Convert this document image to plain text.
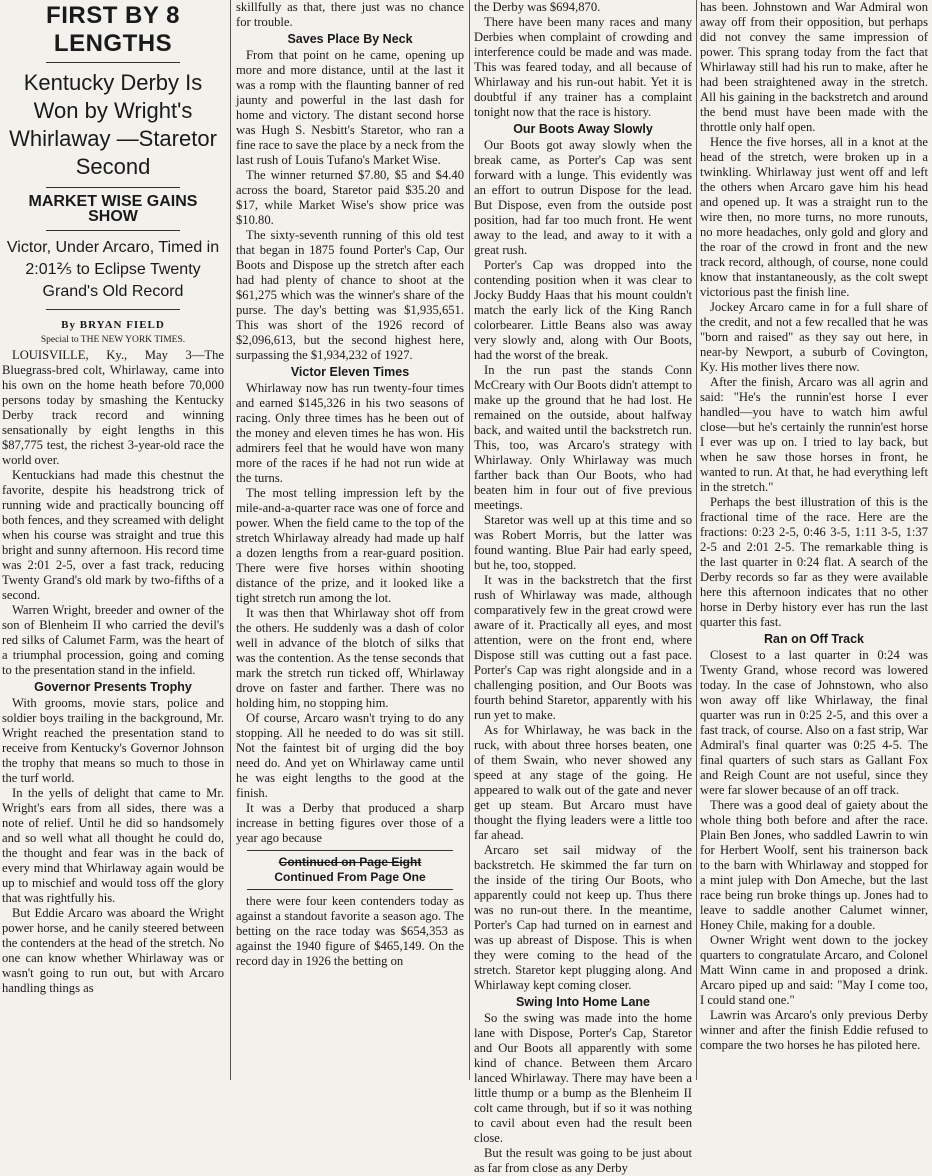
FIRST BY 8 LENGTHS
Kentucky Derby Is Won by Wright's Whirlaway —Staretor Second
MARKET WISE GAINS SHOW
Victor, Under Arcaro, Timed in 2:01⅖ to Eclipse Twenty Grand's Old Record

By BRYAN FIELD

Special to THE NEW YORK TIMES.

LOUISVILLE, Ky., May 3—The Bluegrass-bred colt, Whirlaway, came into his own on the home heath before 70,000 persons today by smashing the Kentucky Derby track record and winning sensationally by eight lengths in this $87,775 test, the richest 3-year-old race the world over.

Kentuckians had made this chestnut the favorite, despite his headstrong trick of running wide and practically bouncing off both fences, and they screamed with delight when his course was straight and true this bright and sunny afternoon. His record time was 2:01 2-5, over a fast track, reducing Twenty Grand's old mark by two-fifths of a second.

Warren Wright, breeder and owner of the son of Blenheim II who carried the devil's red silks of Calumet Farm, was the heart of a triumphal procession, going and coming to the presentation stand in the infield.

Governor Presents Trophy

With grooms, movie stars, police and soldier boys trailing in the background, Mr. Wright reached the presentation stand to receive from Kentucky's Governor Johnson the trophy that means so much to those in the turf world.

In the yells of delight that came to Mr. Wright's ears from all sides, there was a note of relief. Until he did so handsomely and so well what all thought he could do, the thought and fear was in the back of every mind that Whirlaway again would be up to mischief and would toss off the glory that was rightfully his.

But Eddie Arcaro was aboard the Wright power horse, and he canily steered between the contenders at the head of the stretch. No one can know whether Whirlaway was or wasn't going to run out, but with Arcaro handling things as

skillfully as that, there just was no chance for trouble.

Saves Place By Neck

From that point on he came, opening up more and more distance, until at the last it was a romp with the flaunting banner of red jaunty and powerful in the last dash for home and victory. The distant second horse was Hugh S. Nesbitt's Staretor, who ran a fine race to save the place by a neck from the last rush of Louis Tufano's Market Wise.

The winner returned $7.80, $5 and $4.40 across the board, Staretor paid $35.20 and $17, while Market Wise's show price was $10.80.

The sixty-seventh running of this old test that began in 1875 found Porter's Cap, Our Boots and Dispose up the stretch after each had had plenty of chance to shoot at the $61,275 which was the winner's share of the purse. The day's betting was $1,935,651. This was short of the 1926 record of $2,096,613, but the second highest here, surpassing the $1,934,232 of 1927.

Victor Eleven Times

Whirlaway now has run twenty-four times and earned $145,326 in his two seasons of racing. Only three times has he been out of the money and eleven times he has won. His admirers feel that he would have won many more of the races if he had not run wide at the turns.

The most telling impression left by the mile-and-a-quarter race was one of force and power. When the field came to the top of the stretch Whirlaway already had made up half a dozen lengths from a rear-guard position. There were five horses within shooting distance of the prize, and it looked like a tight stretch run among the lot.

It was then that Whirlaway shot off from the others. He suddenly was a dash of color well in advance of the blotch of silks that was the contention. As the tense seconds that mark the stretch run ticked off, Whirlaway drove on faster and farther. There was no holding him, no stopping him.

Of course, Arcaro wasn't trying to do any stopping. All he needed to do was sit still. Not the faintest bit of urging did the boy need do. And yet on Whirlaway came until he was eight lengths to the good at the finish.

It was a Derby that produced a sharp increase in betting figures over those of a year ago because

Continued on Page Eight

Continued From Page One

there were four keen contenders today as against a standout favorite a season ago. The betting on the race today was $654,353 as against the 1940 figure of $465,149. On the record day in 1926 the betting on

the Derby was $694,870.

There have been many races and many Derbies when complaint of crowding and interference could be made and was made. This was feared today, and all because of Whirlaway and his run-out habit. Yet it is doubtful if any trainer has a complaint tonight now that the race is history.

Our Boots Away Slowly

Our Boots got away slowly when the break came, as Porter's Cap was sent forward with a lunge. This evidently was an effort to outrun Dispose for the lead. But Dispose, even from the outside post position, had far too much front. He went away to the lead, and away to it with a great rush.

Porter's Cap was dropped into the contending position when it was clear to Jocky Buddy Haas that his mount couldn't match the early lick of the King Ranch colorbearer. Little Beans also was away very slowly and, along with Our Boots, had the worst of the break.

In the run past the stands Conn McCreary with Our Boots didn't attempt to make up the ground that he had lost. He remained on the outside, about halfway back, and waited until the backstretch run. This, too, was Arcaro's strategy with Whirlaway. Only Whirlaway was much farther back than Our Boots, who had beaten him in four out of five previous meetings.

Staretor was well up at this time and so was Robert Morris, but the latter was found wanting. Blue Pair had early speed, but he, too, stopped.

It was in the backstretch that the first rush of Whirlaway was made, although comparatively few in the great crowd were aware of it. Practically all eyes, and most attention, were on the front end, where Dispose still was cutting out a fast pace. Porter's Cap was right alongside and in a challenging position, and Our Boots was fourth behind Staretor, apparently with his run yet to make.

As for Whirlaway, he was back in the ruck, with about three horses beaten, one of them Swain, who never showed any speed at any stage of the going. He appeared to walk out of the gate and never get up steam. But Arcaro must have thought the flying leaders were a little too far ahead.

Arcaro set sail midway of the backstretch. He skimmed the far turn on the inside of the tiring Our Boots, who apparently could not keep up. Thus there was no run-out there. In the meantime, Porter's Cap had turned on in earnest and was up abreast of Dispose. This is when they were coming to the head of the stretch. Staretor kept plugging along. And Whirlaway kept coming closer.

Swing Into Home Lane

So the swing was made into the home lane with Dispose, Porter's Cap, Staretor and Our Boots all apparently with some kind of chance. Between them Arcaro lanced Whirlaway. There may have been a little thump or a bump as the Blenheim II colt came through, but if so it was nothing to cavil about even had the result been close.

But the result was going to be just about as far from close as any Derby

has been. Johnstown and War Admiral won away off from their opposition, but perhaps did not convey the same impression of power. This sprang today from the fact that Whirlaway still had his run to make, after he had been straightened away in the stretch. All his gaining in the backstretch and around the bend must have been made with the throttle only half open.

Hence the five horses, all in a knot at the head of the stretch, were broken up in a twinkling. Whirlaway just went off and left the others when Arcaro gave him his head and opened up. It was a straight run to the wire then, no more turns, no more runouts, no more headaches, only gold and glory and the roar of the crowd in front and the new track record, although, of course, none could know that instantaneously, as the colt swept victorious past the finish line.

Jockey Arcaro came in for a full share of the credit, and not a few recalled that he was "born and raised" as they say out here, in near-by Newport, a suburb of Covington, Ky. His mother lives there now.

After the finish, Arcaro was all agrin and said: "He's the runnin'est horse I ever handled—you have to watch him awful close—but he's certainly the runnin'est horse I ever was up on. I tried to lay back, but when he saw those horses in front, he wanted to run. At that, he had everything left in the stretch."

Perhaps the best illustration of this is the fractional time of the race. Here are the fractions: 0:23 2-5, 0:46 3-5, 1:11 3-5, 1:37 2-5 and 2:01 2-5. The remarkable thing is the last quarter in 0:24 flat. A search of the Derby records so far as they were available here this afternoon indicates that no other horse in Derby history ever has run the last quarter this fast.

Ran on Off Track

Closest to a last quarter in 0:24 was Twenty Grand, whose record was lowered today. In the case of Johnstown, who also won away off like Whirlaway, the final quarter was run in 0:25 2-5, and this over a fast track, of course. Also on a fast strip, War Admiral's final quarter was 0:25 4-5. The final quarters of such stars as Gallant Fox and Reigh Count are not useful, since they were far slower because of an off track.

There was a good deal of gaiety about the whole thing both before and after the race. Plain Ben Jones, who saddled Lawrin to win for Herbert Woolf, sent his trainerson back to the barn with Whirlaway and stopped for a mint julep with Don Ameche, but the last race being run broke things up. Jones had to leave to saddle another Calumet winner, Honey Chile, making for a double.

Owner Wright went down to the jockey quarters to congratulate Arcaro, and Colonel Matt Winn came in and proposed a drink. Arcaro piped up and said: "May I come too, I could stand one."

Lawrin was Arcaro's only previous Derby winner and after the finish Eddie refused to compare the two horses he has piloted here.
